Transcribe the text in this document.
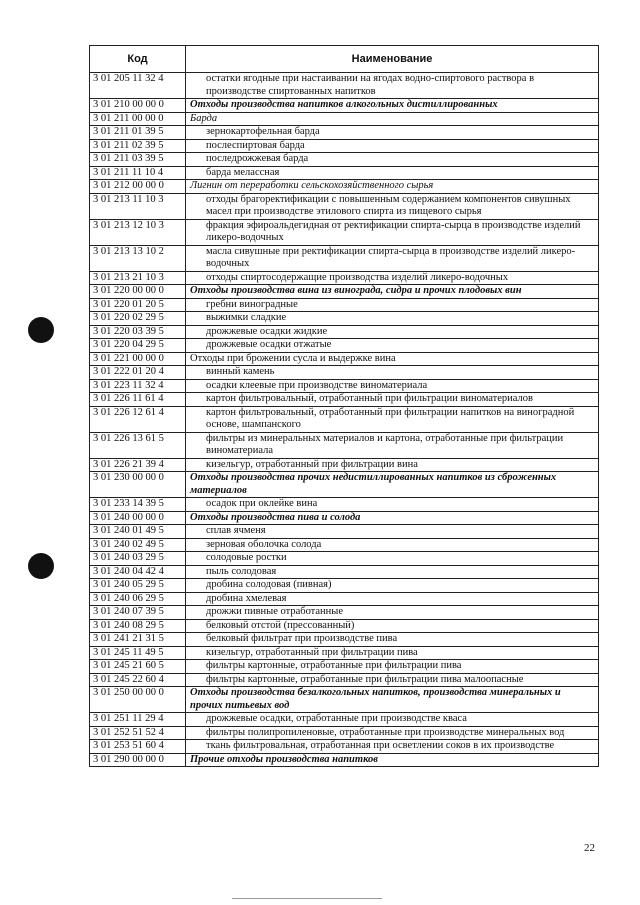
Код	Наименование
3 01 205 11 32 4	остатки ягодные при настаивании на ягодах водно-спиртового раствора в производстве спиртованных напитков
3 01 210 00 00 0	Отходы производства напитков алкогольных дистиллированных
3 01 211 00 00 0	Барда
3 01 211 01 39 5	зернокартофельная барда
3 01 211 02 39 5	послеспиртовая барда
3 01 211 03 39 5	последрожжевая барда
3 01 211 11 10 4	барда мелассная
3 01 212 00 00 0	Лигнин от переработки сельскохозяйственного сырья
3 01 213 11 10 3	отходы брагоректификации с повышенным содержанием компонентов сивушных масел при производстве этилового спирта из пищевого сырья
3 01 213 12 10 3	фракция эфироальдегидная от ректификации спирта-сырца в производстве изделий ликеро-водочных
3 01 213 13 10 2	масла сивушные при ректификации спирта-сырца в производстве изделий ликеро-водочных
3 01 213 21 10 3	отходы спиртосодержащие производства изделий ликеро-водочных
3 01 220 00 00 0	Отходы производства вина из винограда, сидра и прочих плодовых вин
3 01 220 01 20 5	гребни виноградные
3 01 220 02 29 5	выжимки сладкие
3 01 220 03 39 5	дрожжевые осадки жидкие
3 01 220 04 29 5	дрожжевые осадки отжатые
3 01 221 00 00 0	Отходы при брожении сусла и выдержке вина
3 01 222 01 20 4	винный камень
3 01 223 11 32 4	осадки клеевые при производстве виноматериала
3 01 226 11 61 4	картон фильтровальный, отработанный при фильтрации виноматериалов
3 01 226 12 61 4	картон фильтровальный, отработанный при фильтрации напитков на виноградной основе, шампанского
3 01 226 13 61 5	фильтры из минеральных материалов и картона, отработанные при фильтрации виноматериала
3 01 226 21 39 4	кизельгур, отработанный при фильтрации вина
3 01 230 00 00 0	Отходы производства прочих недистиллированных напитков из сброженных материалов
3 01 233 14 39 5	осадок при оклейке вина
3 01 240 00 00 0	Отходы производства пива и солода
3 01 240 01 49 5	сплав ячменя
3 01 240 02 49 5	зерновая оболочка солода
3 01 240 03 29 5	солодовые ростки
3 01 240 04 42 4	пыль солодовая
3 01 240 05 29 5	дробина солодовая (пивная)
3 01 240 06 29 5	дробина хмелевая
3 01 240 07 39 5	дрожжи пивные отработанные
3 01 240 08 29 5	белковый отстой (прессованный)
3 01 241 21 31 5	белковый фильтрат при производстве пива
3 01 245 11 49 5	кизельгур, отработанный при фильтрации пива
3 01 245 21 60 5	фильтры картонные, отработанные при фильтрации пива
3 01 245 22 60 4	фильтры картонные, отработанные при фильтрации пива малоопасные
3 01 250 00 00 0	Отходы производства безалкогольных напитков, производства минеральных и прочих питьевых вод
3 01 251 11 29 4	дрожжевые осадки, отработанные при производстве кваса
3 01 252 51 52 4	фильтры полипропиленовые, отработанные при производстве минеральных вод
3 01 253 51 60 4	ткань фильтровальная, отработанная при осветлении соков в их производстве
3 01 290 00 00 0	Прочие отходы производства напитков
22
